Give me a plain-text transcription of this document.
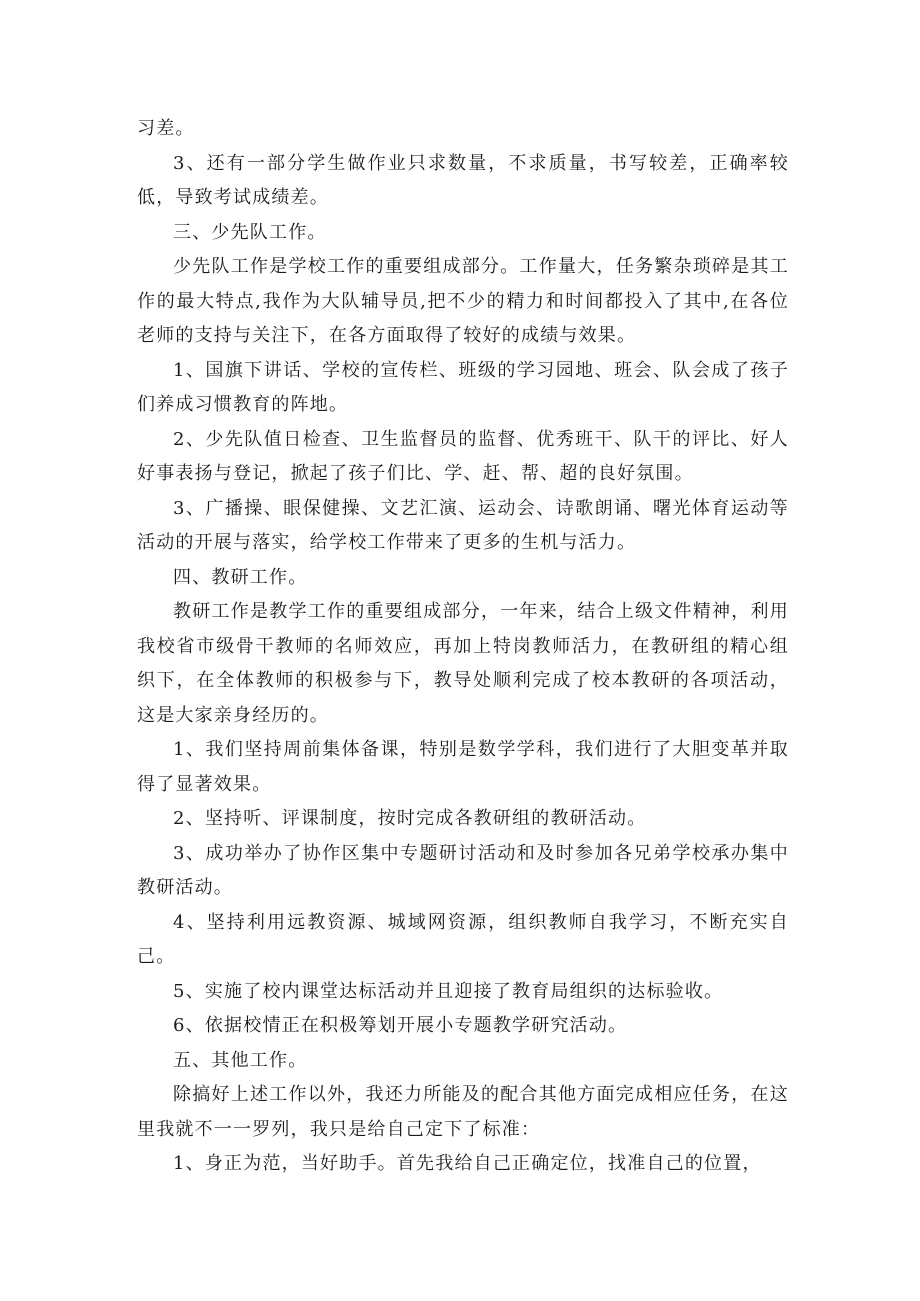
习差。

3、还有一部分学生做作业只求数量，不求质量，书写较差，正确率较低，导致考试成绩差。

三、少先队工作。

少先队工作是学校工作的重要组成部分。工作量大，任务繁杂琐碎是其工作的最大特点,我作为大队辅导员,把不少的精力和时间都投入了其中,在各位老师的支持与关注下，在各方面取得了较好的成绩与效果。

1、国旗下讲话、学校的宣传栏、班级的学习园地、班会、队会成了孩子们养成习惯教育的阵地。

2、少先队值日检查、卫生监督员的监督、优秀班干、队干的评比、好人好事表扬与登记，掀起了孩子们比、学、赶、帮、超的良好氛围。

3、广播操、眼保健操、文艺汇演、运动会、诗歌朗诵、曙光体育运动等活动的开展与落实，给学校工作带来了更多的生机与活力。

四、教研工作。

教研工作是教学工作的重要组成部分，一年来，结合上级文件精神，利用我校省市级骨干教师的名师效应，再加上特岗教师活力，在教研组的精心组织下，在全体教师的积极参与下，教导处顺利完成了校本教研的各项活动，这是大家亲身经历的。

1、我们坚持周前集体备课，特别是数学学科，我们进行了大胆变革并取得了显著效果。

2、坚持听、评课制度，按时完成各教研组的教研活动。

3、成功举办了协作区集中专题研讨活动和及时参加各兄弟学校承办集中教研活动。

4、坚持利用远教资源、城域网资源，组织教师自我学习，不断充实自己。

5、实施了校内课堂达标活动并且迎接了教育局组织的达标验收。

6、依据校情正在积极筹划开展小专题教学研究活动。

五、其他工作。

除搞好上述工作以外，我还力所能及的配合其他方面完成相应任务，在这里我就不一一罗列，我只是给自己定下了标准：

1、身正为范，当好助手。首先我给自己正确定位，找准自己的位置，
